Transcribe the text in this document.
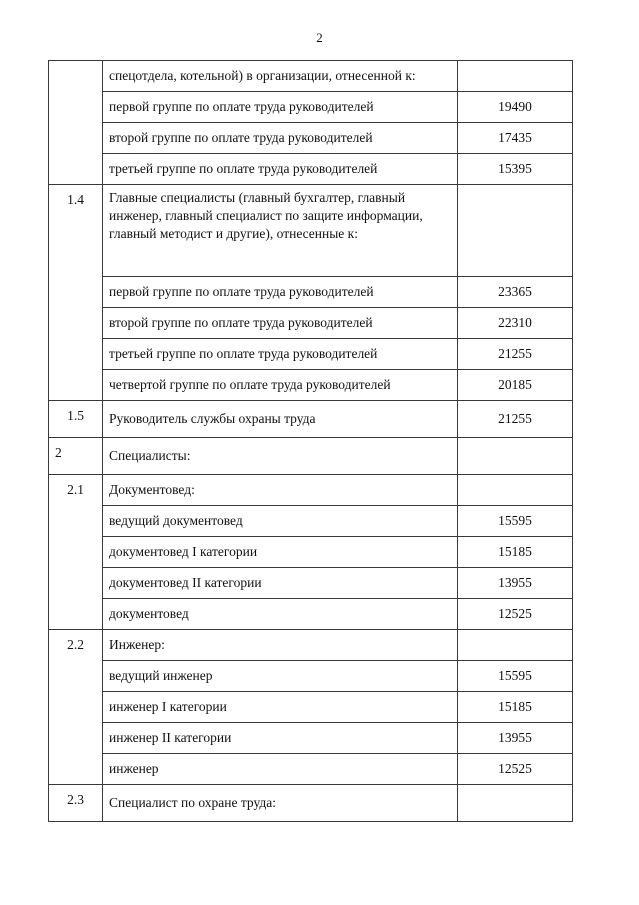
2
	спецотдела, котельной) в организации, отнесенной к:	
	первой группе по оплате труда руководителей	19490
	второй группе по оплате труда руководителей	17435
	третьей группе по оплате труда руководителей	15395
1.4	Главные специалисты (главный бухгалтер, главный инженер, главный специалист по защите информации, главный методист и другие), отнесенные к:	
	первой группе по оплате труда руководителей	23365
	второй группе по оплате труда руководителей	22310
	третьей группе по оплате труда руководителей	21255
	четвертой группе по оплате труда руководителей	20185
1.5	Руководитель службы охраны труда	21255
2	Специалисты:	
2.1	Документовед:	
	ведущий документовед	15595
	документовед I категории	15185
	документовед II категории	13955
	документовед	12525
2.2	Инженер:	
	ведущий инженер	15595
	инженер I категории	15185
	инженер II категории	13955
	инженер	12525
2.3	Специалист по охране труда:	
